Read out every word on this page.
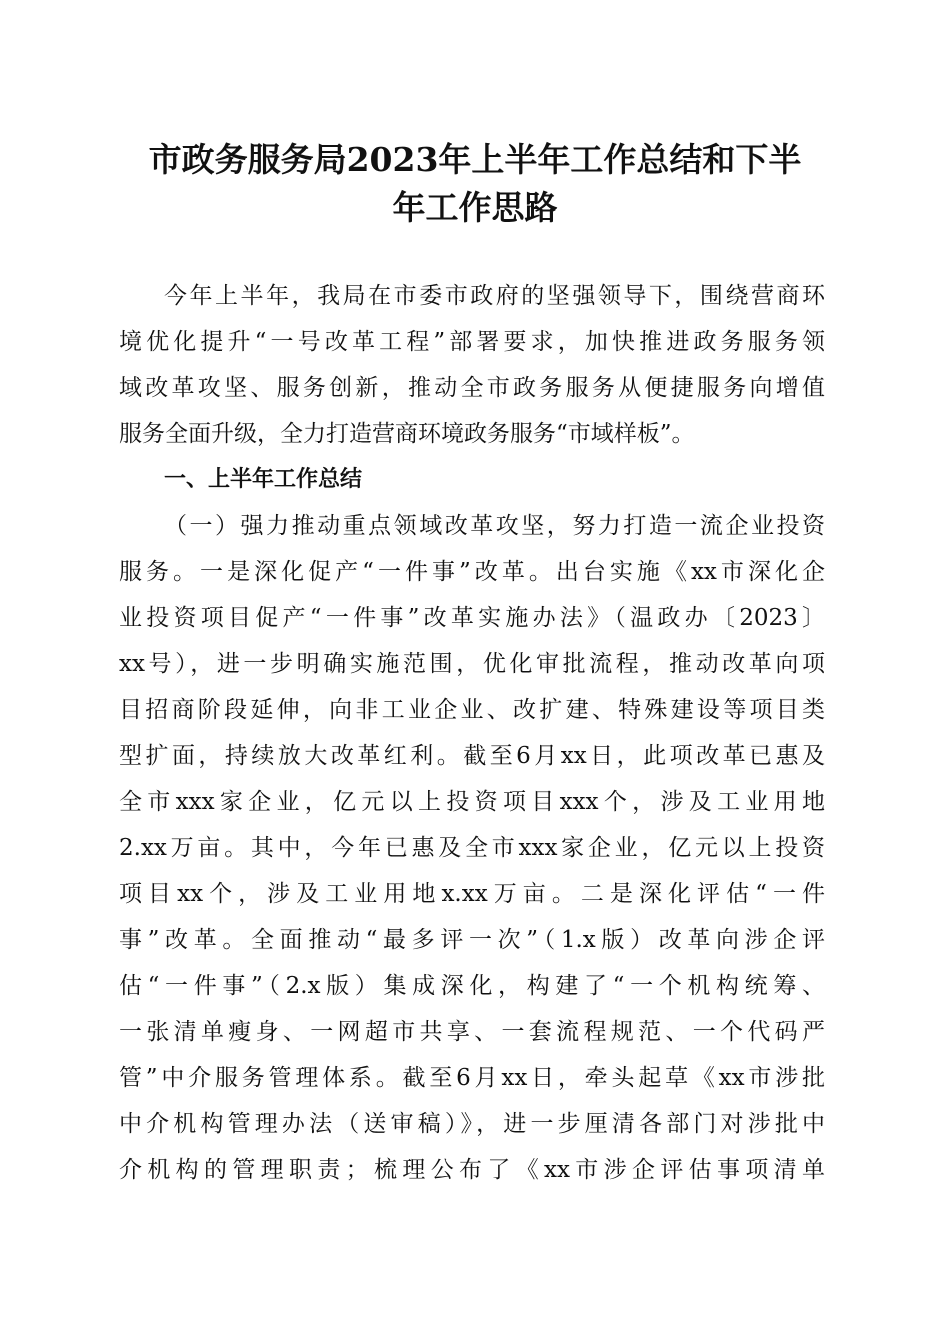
市政务服务局2023年上半年工作总结和下半
年工作思路

今年上半年，我局在市委市政府的坚强领导下，围绕营商环

境优化提升“一号改革工程”部署要求，加快推进政务服务领

域改革攻坚、服务创新，推动全市政务服务从便捷服务向增值

服务全面升级，全力打造营商环境政务服务“市域样板”。

一、上半年工作总结

（一）强力推动重点领域改革攻坚，努力打造一流企业投资

服务。一是深化促产“一件事”改革。出台实施《xx市深化企

业投资项目促产“一件事”改革实施办法》（温政办〔2023〕

xx号），进一步明确实施范围，优化审批流程，推动改革向项

目招商阶段延伸，向非工业企业、改扩建、特殊建设等项目类

型扩面，持续放大改革红利。截至6月xx日，此项改革已惠及

全市xxx家企业，亿元以上投资项目xxx个，涉及工业用地

2.xx万亩。其中，今年已惠及全市xxx家企业，亿元以上投资

项目xx个，涉及工业用地x.xx万亩。二是深化评估“一件

事”改革。全面推动“最多评一次”（1.x版）改革向涉企评

估“一件事”（2.x版）集成深化，构建了“一个机构统筹、

一张清单瘦身、一网超市共享、一套流程规范、一个代码严

管”中介服务管理体系。截至6月xx日，牵头起草《xx市涉批

中介机构管理办法（送审稿）》，进一步厘清各部门对涉批中

介机构的管理职责；梳理公布了《xx市涉企评估事项清单
